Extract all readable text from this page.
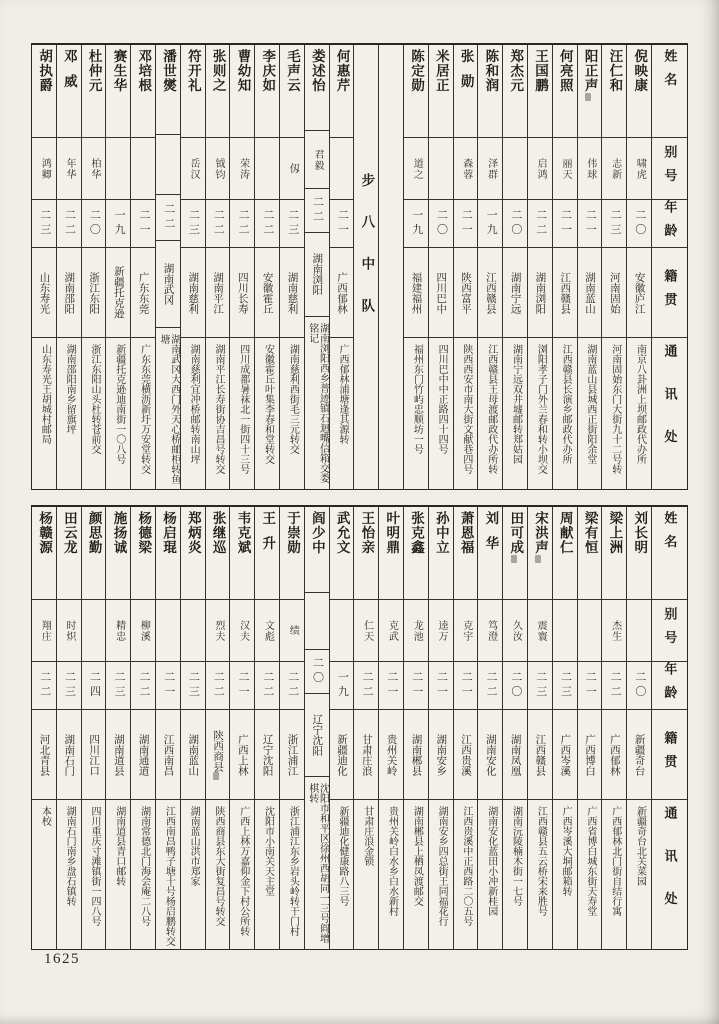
姓名
别号
年龄
籍贯
通讯处
倪映康
啸虎
二〇
安徽庐江
南京八卦洲上坝邮政代办所
汪仁和
志新
二三
河南固始
河南固始东门大街九十二号转
阳正声
伟球
二一
湖南蓝山
湖南蓝山县城西正街阳余堂
何亮照
丽天
二一
江西赣县
江西赣县长演乡邮政代办所
王国鹏
启鸿
二二
湖南浏阳
浏阳孝子门外兰春和转小坝交
郑杰元
二〇
湖南宁远
湖南宁远双井墟邮转郑姑园
陈和润
泽群
一九
江西赣县
江西赣县王母渡邮政代办所转
张勋
森蓉
二一
陕西富平
陕西西安市南大街文献巷四号
米居正
二〇
四川巴中
四川巴中中正路四十四号
陈定勋
道之
一九
福建福州
福州东门竹屿忠顺坊一号
步八中队
何惠芹
二一
广西郁林
广西郁林浦塘逢其源转
娄述怡
君毅
二二
湖南浏阳
湖南浏阳西乡普迹镇石迴嘴信箱交娄铭记
毛声云
仭
二三
湖南慈利
湖南慈利西街毛三元转交
李庆如
二二
安徽霍丘
安徽霍丘叶集李春和堂转交
曹幼知
荣涛
二二
四川长寿
四川成都暑袜北一街四十三号
张则之
钺钧
二二
湖南平江
湖南平江长寿街协吉昌号转交
符开礼
岳汉
二三
湖南慈利
湖南慈利宜冲桥邮转南山坪
潘世爕
二二
湖南武冈
湖南武冈大西门外天心桥邮柜转鱼塘
邓培根
二一
广东东莞
广东东莞横沥新圩万安堂转交
赛生华
一九
新疆托克逊
新疆托克逊迪南街一〇八号
杜仲元
柏华
二〇
浙江东阳
浙江东阳山头杜转苍前交
邓威
年华
二二
湖南邵阳
湖南邵阳南乡留旗坪
胡执爵
鸿卿
二三
山东寿光
山东寿光王胡城村邮局
姓名
别号
年龄
籍贯
通讯处
刘长明
二〇
新疆奇台
新疆奇台北关菜园
梁上洲
杰生
二二
广西郁林
广西郁林北门街自结行寓
梁有恒
二一
广西博白
广西省博白城东街天寿堂
周献仁
二三
广西岑溪
广西岑溪大垌邮箱转
宋洪声
震寰
二三
江西赣县
江西赣县五云桥宋来胜号
田可成
久汝
二〇
湖南凤凰
湖南沅陵楠木街一七号
刘华
笃澄
二二
湖南安化
湖南安化蓝田小冲新桂园
萧恩福
克宇
二一
江西贵溪
江西贵溪中正西路二〇五号
孙中立
逵万
二一
湖南安乡
湖南安乡四总街王同福花行
张克鑫
龙池
二一
湖南郴县
湖南郴县上栖凤渡邮交
叶明鼎
克武
二一
贵州关岭
贵州关岭白水乡白水新村
王怡亲
仁天
二二
甘肃庄浪
甘肃庄浪金锁
武允文
一九
新疆迪化
新疆迪化健康路八三号
阎少中
二〇
辽宁沈阳
沈阳市和平区徐州西胡同一三号阎增棋转
于崇勋
绩
二二
浙江浦江
浙江浦江东乡岩头岭转干门村
王升
文彪
二二
辽宁沈阳
沈阳市小南关天主堂
韦克斌
汉夫
二一
广西上林
广西上林万嘉仰金下村公所转
张继巡
烈夫
二二
陕西商县
陕西商县东大街复昌号转交
郑炳炎
二三
湖南蓝山
湖南蓝山洪市郑家
杨启琨
二一
江西南昌
江西南昌鸭子塘十号杨启鹏转交
杨德梁
柳溪
二二
湖南通道
湖南常德北门海会庵二八号
施扬诚
精忠
二三
湖南道县
湖南道县青口邮转
颜思勤
二四
四川江口
四川重庆寸滩镇街一四八号
田云龙
时炽
二三
湖南石门
湖南石门南乡盘石镇转
杨赣源
翔庄
二二
河北青县
本校
1625
